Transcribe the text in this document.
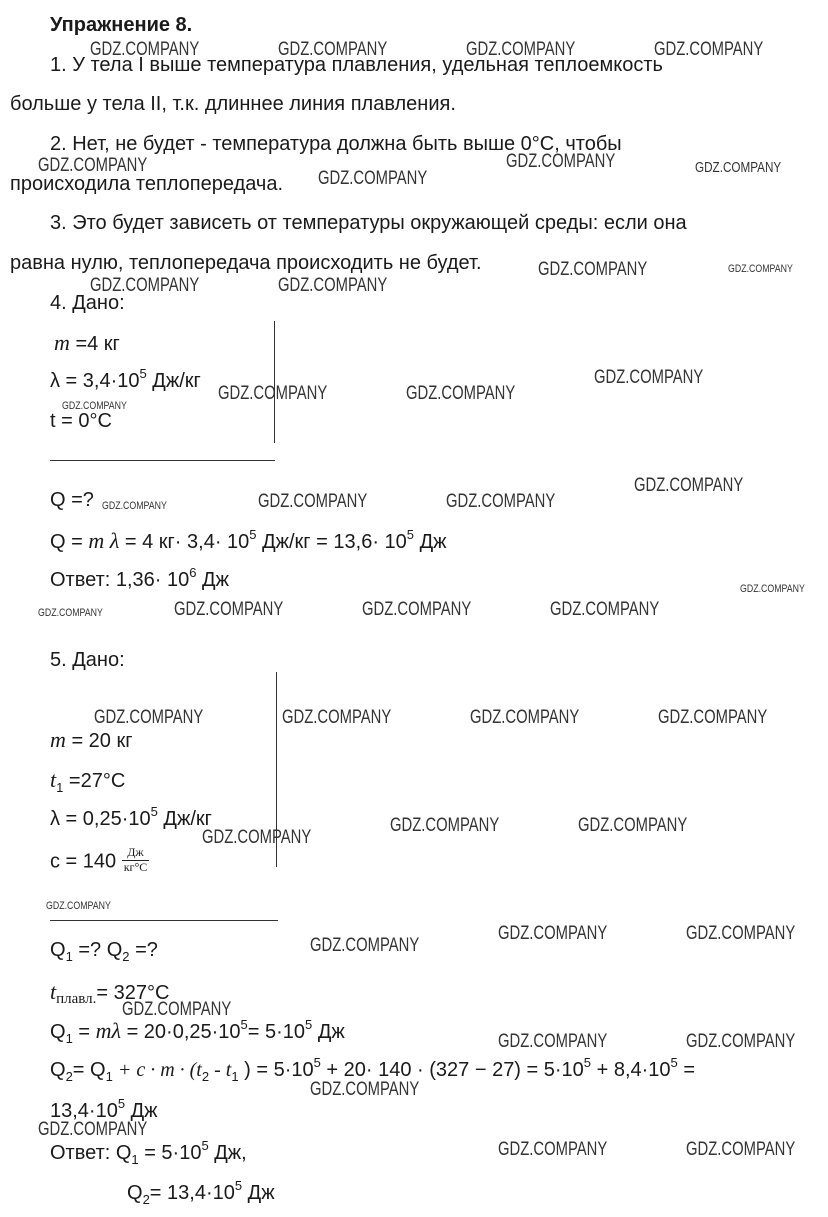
Упражнение 8.
1. У тела I выше температура плавления, удельная теплоемкость
больше у тела II, т.к. длиннее линия плавления.
2. Нет, не будет - температура должна быть выше 0°С, чтобы
происходила теплопередача.
3. Это будет зависеть от температуры окружающей среды: если она
равна нулю, теплопередача происходить не будет.
4. Дано:
m =4 кг
$\lambda = 3,4\cdot 10^5$ Дж/кг
t = 0°С
Q =?
Q = m λ = 4 $кг\cdot 3,4\cdot 10^5$ $Дж/кг = 13,6\cdot 10^5$ Дж
Ответ: $1,36\cdot 10^6$ Дж
5. Дано:
m = 20 кг
$t_1 =27^\circ С$
$\lambda = 0,25\cdot 10^5$ Дж/кг
$c = 140 \frac{Дж}{кг^\circ С}$
$Q_1$ =? $Q_2$ =?
$t_{плавл.}= 327^\circ С$
$Q_1 = m\lambda = 20\cdot 0,25\cdot 10^5= 5\cdot 10^5$ Дж
$Q_2= Q_1 + c \cdot m \cdot (t_2 - t_1$ ) = $5\cdot 10^5 + 20\cdot 140 \cdot (327 - 27) = 5\cdot 10^5 + 8,4\cdot 10^5$ =
$13,4\cdot 10^5$ Дж
Ответ: $Q_1 = 5\cdot 10^5$ Дж,
$Q_2= 13,4\cdot 10^5$ Дж
GDZ.COMPANY	GDZ.COMPANY	GDZ.COMPANY	GDZ.COMPANY
GDZ.COMPANY	GDZ.COMPANY	GDZ.COMPANY
GDZ.COMPANY
GDZ.COMPANY	GDZ.COMPANY
GDZ.COMPANY	GDZ.COMPANY
GDZ.COMPANY
GDZ.COMPANY	GDZ.COMPANY
GDZ.COMPANY
GDZ.COMPANY
GDZ.COMPANY	GDZ.COMPANY
GDZ.COMPANY
GDZ.COMPANY
GDZ.COMPANY	GDZ.COMPANY	GDZ.COMPANY
GDZ.COMPANY
GDZ.COMPANY	GDZ.COMPANY	GDZ.COMPANY	GDZ.COMPANY
GDZ.COMPANY	GDZ.COMPANY
GDZ.COMPANY
GDZ.COMPANY
GDZ.COMPANY	GDZ.COMPANY
GDZ.COMPANY
GDZ.COMPANY
GDZ.COMPANY	GDZ.COMPANY
GDZ.COMPANY
GDZ.COMPANY
GDZ.COMPANY	GDZ.COMPANY
